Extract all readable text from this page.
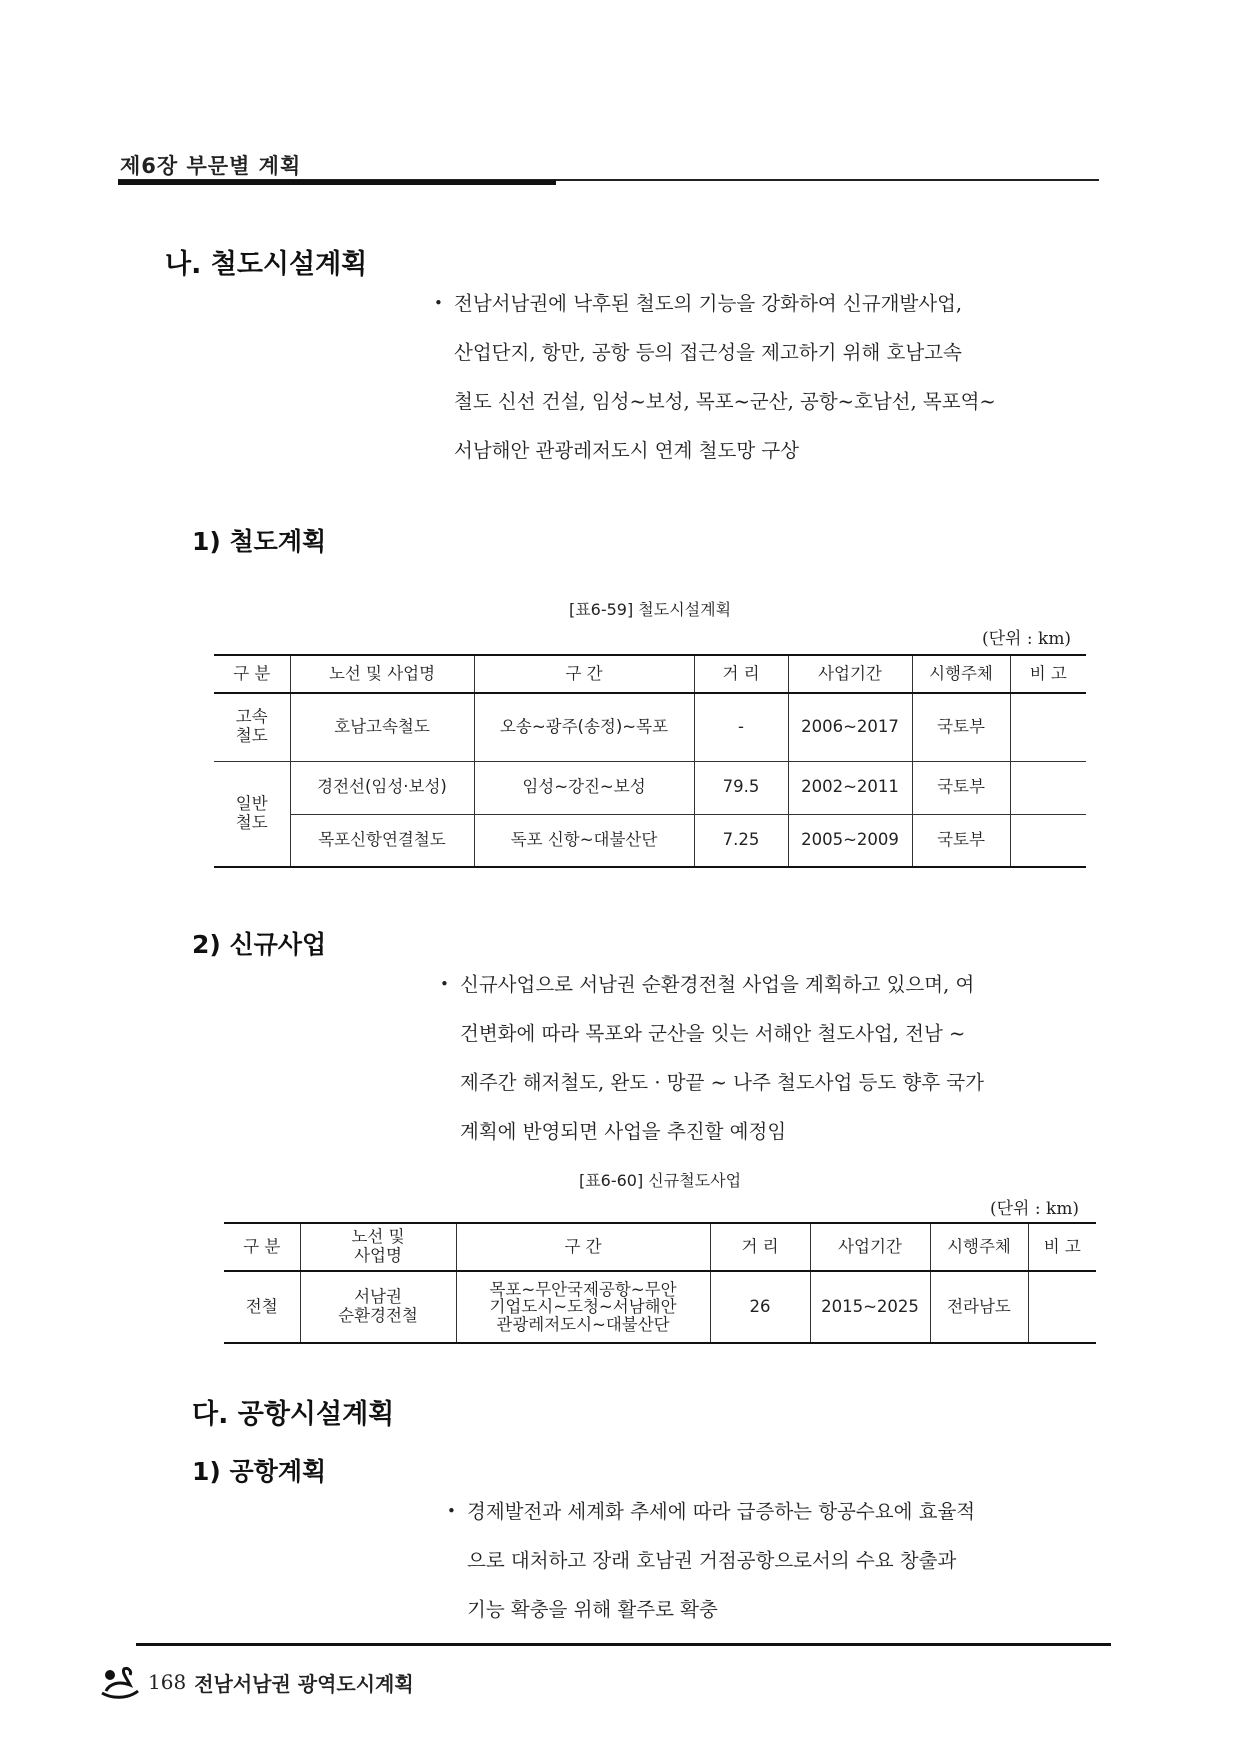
제6장 부문별 계획
나. 철도시설계획
• 전남서남권에 낙후된 철도의 기능을 강화하여 신규개발사업,
산업단지, 항만, 공항 등의 접근성을 제고하기 위해 호남고속
철도 신선 건설, 임성~보성, 목포~군산, 공항~호남선, 목포역~
서남해안 관광레저도시 연계 철도망 구상
1) 철도계획
[표6-59] 철도시설계획
(단위 : km)
구 분	노선 및 사업명	구 간	거 리	사업기간	시행주체	비 고
고속
철도	호남고속철도	오송~광주(송정)~목포	-	2006~2017	국토부	
일반
철도	경전선(임성·보성)	임성~강진~보성	79.5	2002~2011	국토부	
	목포신항연결철도	독포 신항~대불산단	7.25	2005~2009	국토부	
2) 신규사업
• 신규사업으로 서남권 순환경전철 사업을 계획하고 있으며, 여
건변화에 따라 목포와 군산을 잇는 서해안 철도사업, 전남 ~
제주간 해저철도, 완도 · 망끝 ~ 나주 철도사업 등도 향후 국가
계획에 반영되면 사업을 추진할 예정임
[표6-60] 신규철도사업
(단위 : km)
구 분	노선 및
사업명	구 간	거 리	사업기간	시행주체	비 고
전철	서남권
순환경전철	목포~무안국제공항~무안
기업도시~도청~서남해안
관광레저도시~대불산단	26	2015~2025	전라남도	
다. 공항시설계획
1) 공항계획
• 경제발전과 세계화 추세에 따라 급증하는 항공수요에 효율적
으로 대처하고 장래 호남권 거점공항으로서의 수요 창출과
기능 확충을 위해 활주로 확충
168 전남서남권 광역도시계획
